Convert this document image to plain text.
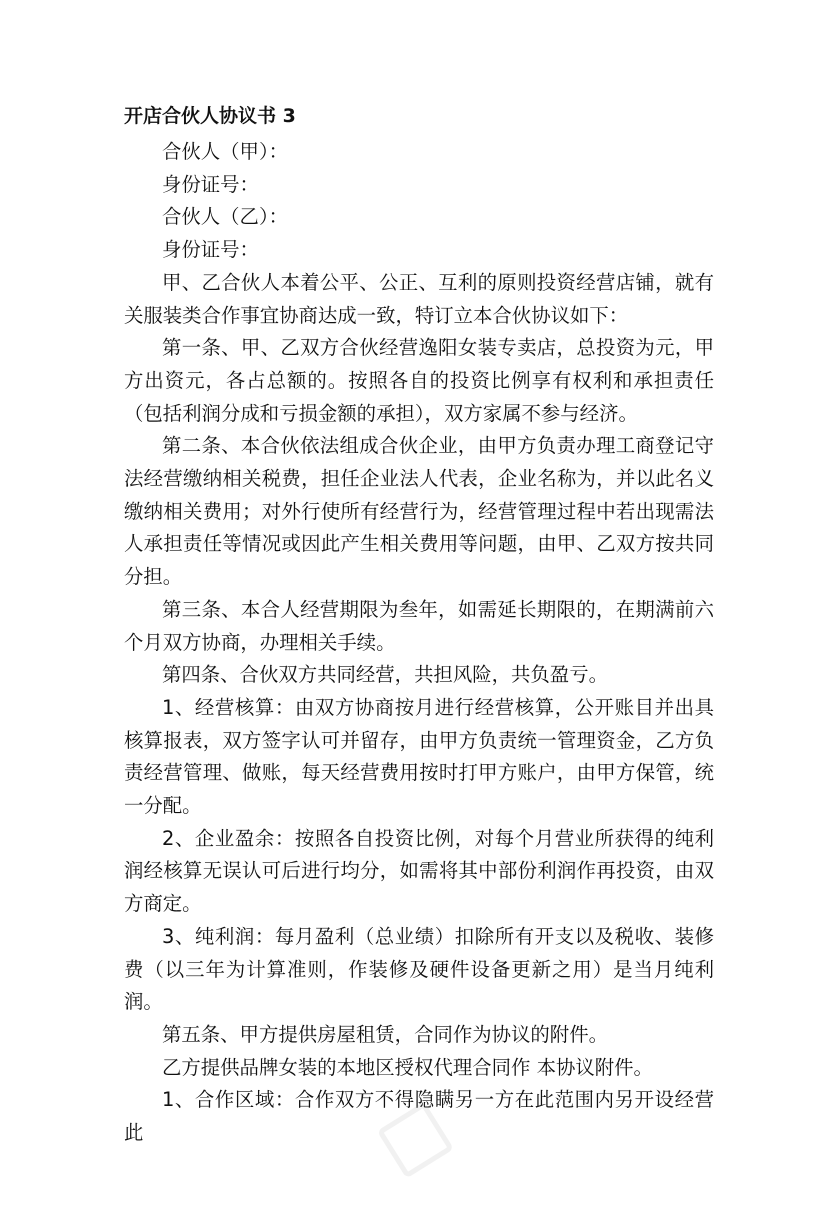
开店合伙人协议书 3

合伙人（甲）：

身份证号：

合伙人（乙）：

身份证号：

甲、乙合伙人本着公平、公正、互利的原则投资经营店铺，就有关服装类合作事宜协商达成一致，特订立本合伙协议如下：

第一条、甲、乙双方合伙经营逸阳女装专卖店，总投资为元，甲方出资元，各占总额的。按照各自的投资比例享有权利和承担责任（包括利润分成和亏损金额的承担），双方家属不参与经济。

第二条、本合伙依法组成合伙企业，由甲方负责办理工商登记守法经营缴纳相关税费，担任企业法人代表，企业名称为，并以此名义缴纳相关费用；对外行使所有经营行为，经营管理过程中若出现需法人承担责任等情况或因此产生相关费用等问题，由甲、乙双方按共同分担。

第三条、本合人经营期限为叁年，如需延长期限的，在期满前六个月双方协商，办理相关手续。

第四条、合伙双方共同经营，共担风险，共负盈亏。

1、经营核算：由双方协商按月进行经营核算，公开账目并出具核算报表，双方签字认可并留存，由甲方负责统一管理资金，乙方负责经营管理、做账，每天经营费用按时打甲方账户，由甲方保管，统一分配。

2、企业盈余：按照各自投资比例，对每个月营业所获得的纯利润经核算无误认可后进行均分，如需将其中部份利润作再投资，由双方商定。

3、纯利润：每月盈利（总业绩）扣除所有开支以及税收、装修费（以三年为计算准则，作装修及硬件设备更新之用）是当月纯利润。

第五条、甲方提供房屋租赁，合同作为协议的附件。

乙方提供品牌女装的本地区授权代理合同作 本协议附件。

1、合作区域：合作双方不得隐瞒另一方在此范围内另开设经营此
